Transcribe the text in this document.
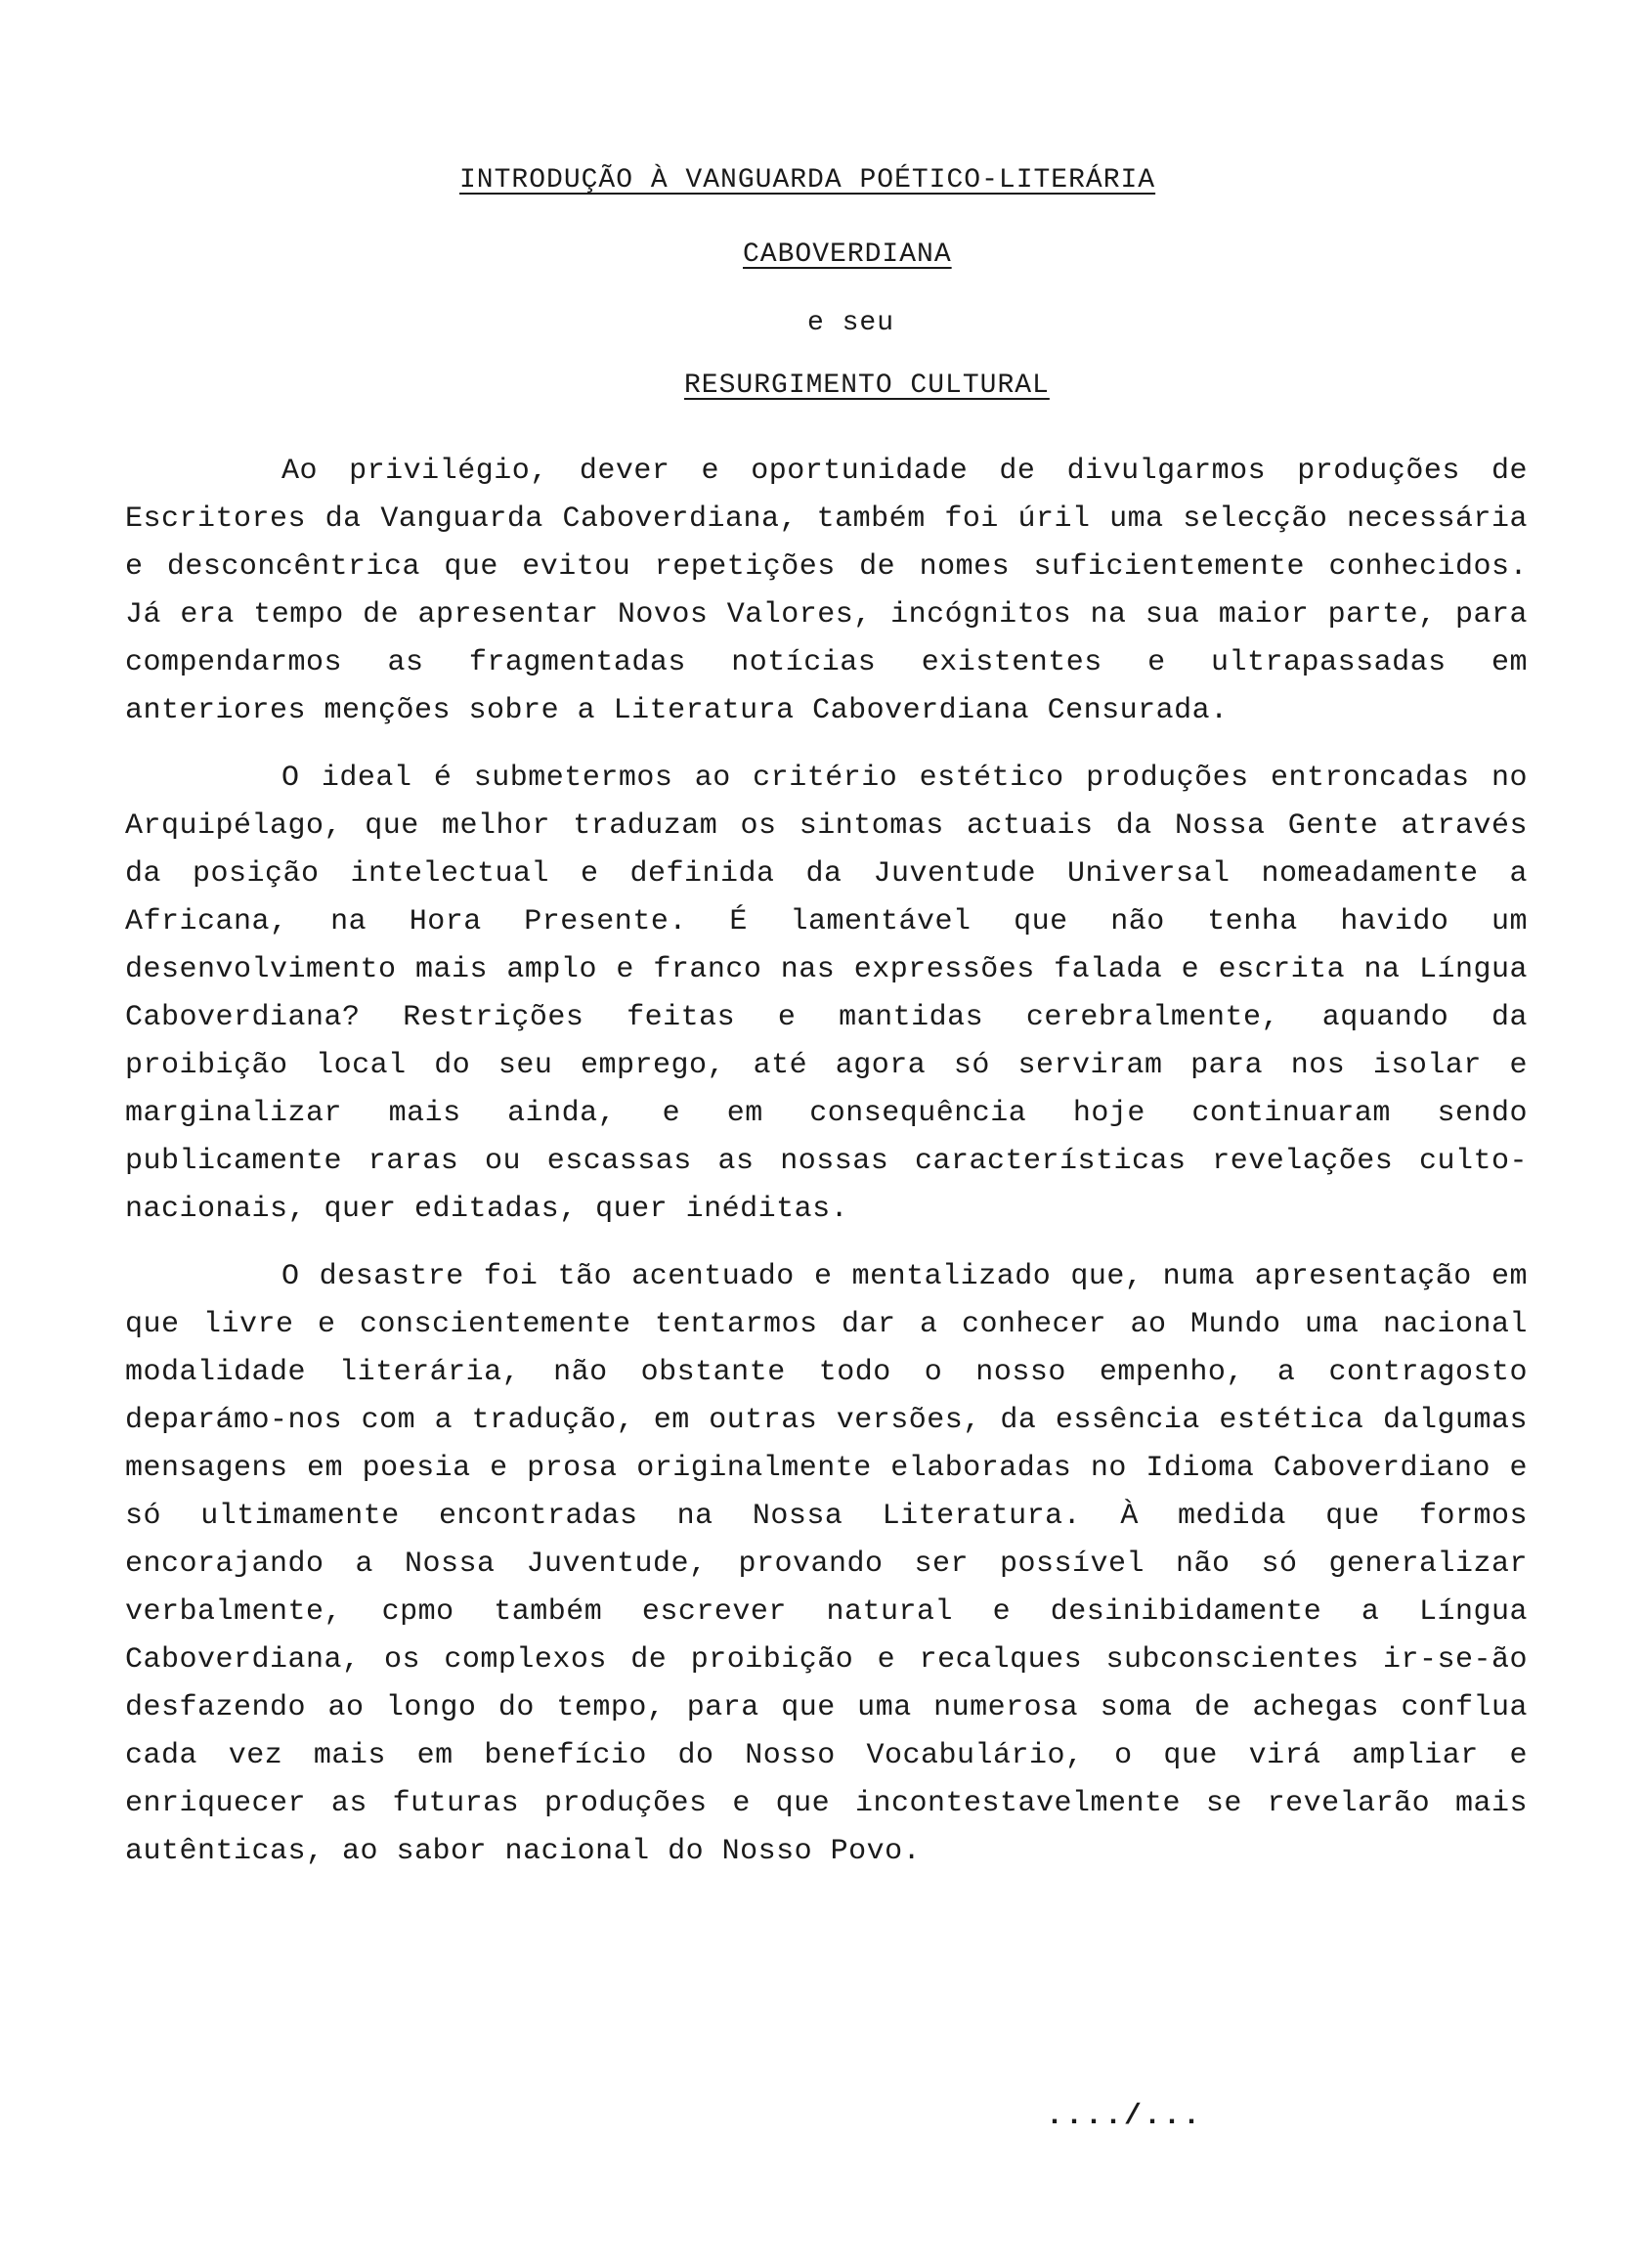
INTRODUÇÃO À VANGUARDA POÉTICO-LITERÁRIA
CABOVERDIANA
e seu
RESURGIMENTO CULTURAL

Ao privilégio, dever e oportunidade de divulgarmos produções de Escritores da Vanguarda Caboverdiana, também foi úril uma selecção necessária e desconcêntrica que evitou repetições de nomes suficientemente conhecidos. Já era tempo de apresentar Novos Valores, incógnitos na sua maior parte, para compendarmos as fragmentadas notícias existentes e ultrapassadas em anteriores menções sobre a Literatura Caboverdiana Censurada.

O ideal é submetermos ao critério estético produções entroncadas no Arquipélago, que melhor traduzam os sintomas actuais da Nossa Gente através da posição intelectual e definida da Juventude Universal nomeadamente a Africana, na Hora Presente. É lamentável que não tenha havido um desenvolvimento mais amplo e franco nas expressões falada e escrita na Língua Caboverdiana? Restrições feitas e mantidas cerebralmente, aquando da proibição local do seu emprego, até agora só serviram para nos isolar e marginalizar mais ainda, e em consequência hoje continuaram sendo publicamente raras ou escassas as nossas características revelações culto-nacionais, quer editadas, quer inéditas.

O desastre foi tão acentuado e mentalizado que, numa apresentação em que livre e conscientemente tentarmos dar a conhecer ao Mundo uma nacional modalidade literária, não obstante todo o nosso empenho, a contragosto deparámo-nos com a tradução, em outras versões, da essência estética dalgumas mensagens em poesia e prosa originalmente elaboradas no Idioma Caboverdiano e só ultimamente encontradas na Nossa Literatura. À medida que formos encorajando a Nossa Juventude, provando ser possível não só generalizar verbalmente, cpmo também escrever natural e desinibidamente a Língua Caboverdiana, os complexos de proibição e recalques subconscientes ir-se-ão desfazendo ao longo do tempo, para que uma numerosa soma de achegas conflua cada vez mais em benefício do Nosso Vocabulário, o que virá ampliar e enriquecer as futuras produções e que incontestavelmente se revelarão mais autênticas, ao sabor nacional do Nosso Povo.

..../...
